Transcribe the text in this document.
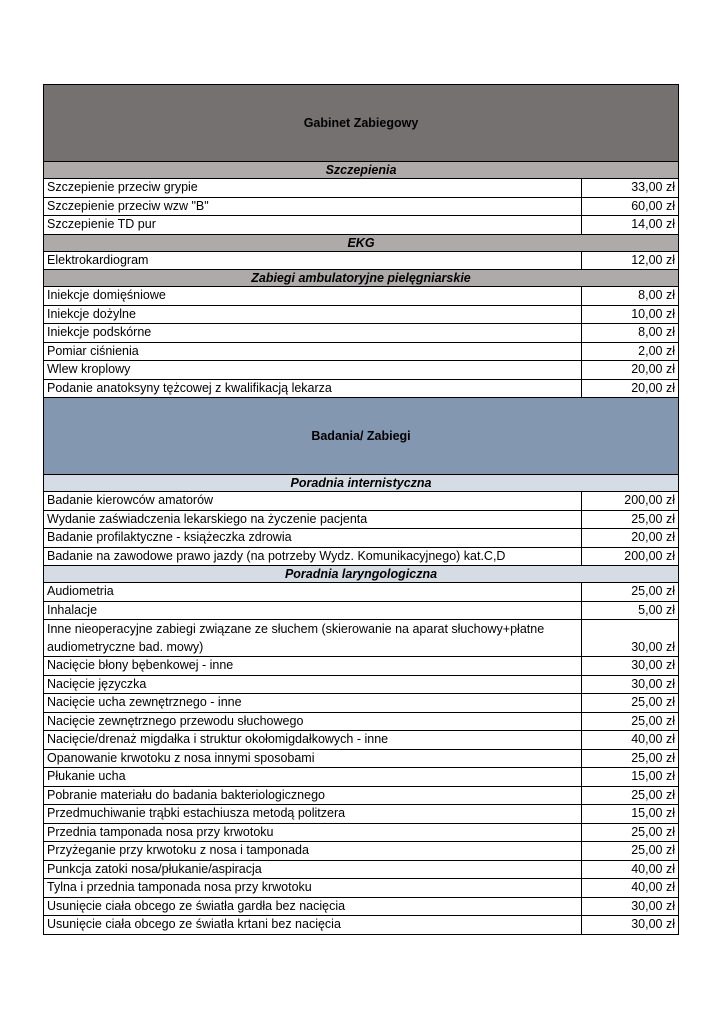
Gabinet Zabiegowy	
Szczepienia	
Szczepienie przeciw grypie	33,00 zł
Szczepienie przeciw wzw "B"	60,00 zł
Szczepienie TD pur	14,00 zł
EKG	
Elektrokardiogram	12,00 zł
Zabiegi ambulatoryjne pielęgniarskie	
Iniekcje domięśniowe	8,00 zł
Iniekcje dożylne	10,00 zł
Iniekcje podskórne	8,00 zł
Pomiar ciśnienia	2,00 zł
Wlew kroplowy	20,00 zł
Podanie anatoksyny tężcowej z kwalifikacją lekarza	20,00 zł
Badania/ Zabiegi	
Poradnia internistyczna	
Badanie kierowców amatorów	200,00 zł
Wydanie zaświadczenia lekarskiego na życzenie pacjenta	25,00 zł
Badanie profilaktyczne - książeczka zdrowia	20,00 zł
Badanie na zawodowe prawo jazdy (na potrzeby Wydz. Komunikacyjnego) kat.C,D	200,00 zł
Poradnia laryngologiczna	
Audiometria	25,00 zł
Inhalacje	5,00 zł
Inne nieoperacyjne zabiegi związane ze słuchem (skierowanie na aparat słuchowy+płatne audiometryczne bad. mowy)	30,00 zł
Nacięcie błony bębenkowej - inne	30,00 zł
Nacięcie języczka	30,00 zł
Nacięcie ucha zewnętrznego - inne	25,00 zł
Nacięcie zewnętrznego przewodu słuchowego	25,00 zł
Nacięcie/drenaż migdałka i struktur okołomigdałkowych - inne	40,00 zł
Opanowanie krwotoku z nosa innymi sposobami	25,00 zł
Płukanie ucha	15,00 zł
Pobranie materiału do badania bakteriologicznego	25,00 zł
Przedmuchiwanie trąbki estachiusza metodą politzera	15,00 zł
Przednia tamponada nosa przy krwotoku	25,00 zł
Przyżeganie przy krwotoku z nosa i tamponada	25,00 zł
Punkcja zatoki nosa/płukanie/aspiracja	40,00 zł
Tylna i przednia tamponada nosa przy krwotoku	40,00 zł
Usunięcie ciała obcego ze światła gardła bez nacięcia	30,00 zł
Usunięcie ciała obcego ze światła krtani bez nacięcia	30,00 zł
